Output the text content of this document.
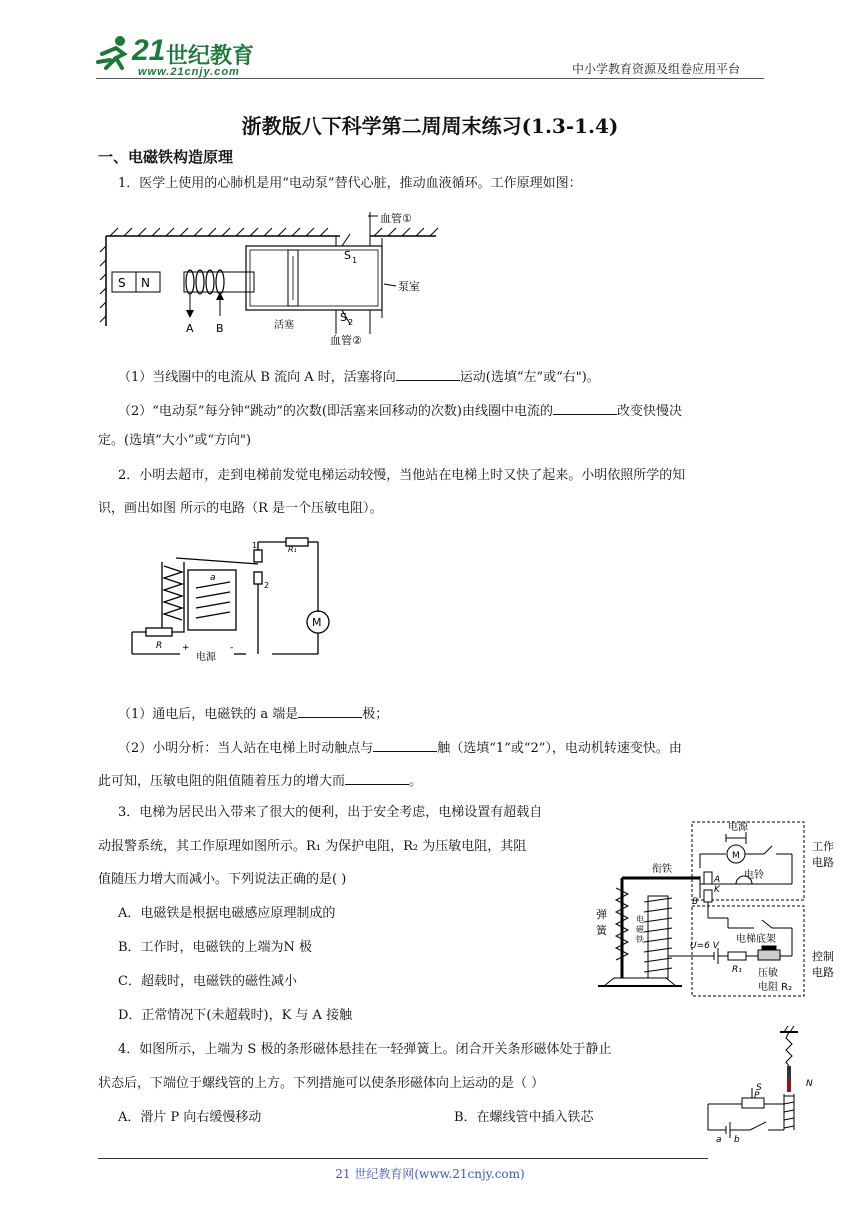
21 世纪教育
www.21cnjy.com	中小学教育资源及组卷应用平台
浙教版八下科学第二周周末练习(1.3-1.4)
一、电磁铁构造原理
1．医学上使用的心肺机是用“电动泵”替代心脏，推动血液循环。工作原理如图：
S N
A B
S 1
S 2
血管①
血管②
泵室
活塞
（1）当线圈中的电流从 B 流向 A 时，活塞将向	运动(选填“左”或“右")。
（2）“电动泵”每分钟“跳动”的次数(即活塞来回移动的次数)由线圈中电流的	改变快慢决
定。(选填“大小”或“方向")
2．小明去超市，走到电梯前发觉电梯运动较慢，当他站在电梯上时又快了起来。小明依照所学的知
识，画出如图 所示的电路（R 是一个压敏电阻）。
1
2
R₁
a
R
电源
+	-
M
（1）通电后，电磁铁的 a 端是	极；
（2）小明分析：当人站在电梯上时动触点与	触（选填“1”或“2”），电动机转速变快。由
此可知，压敏电阻的阻值随着压力的增大而	。
3．电梯为居民出入带来了很大的便利，出于安全考虑，电梯设置有超载自
动报警系统，其工作原理如图所示。R₁ 为保护电阻，R₂ 为压敏电阻，其阻
值随压力增大而减小。下列说法正确的是( )
A．电磁铁是根据电磁感应原理制成的
B．工作时，电磁铁的上端为N 极
C．超载时，电磁铁的磁性减小
D．正常情况下(未超载时)，K 与 A 接触
电源
工作
电路
衔铁
弹
簧
电
磁
铁
电铃
电梯底架
U=6 V
R₁ 压敏
电阻 R₂
控制
电路
A
K
B
M
4．如图所示，上端为 S 极的条形磁体悬挂在一轻弹簧上。闭合开关条形磁体处于静止
状态后，下端位于螺线管的上方。下列措施可以使条形磁体向上运动的是（ ）
A．滑片 P 向右缓慢移动	B．在螺线管中插入铁芯
S	N
P
a b
21 世纪教育网(www.21cnjy.com)
